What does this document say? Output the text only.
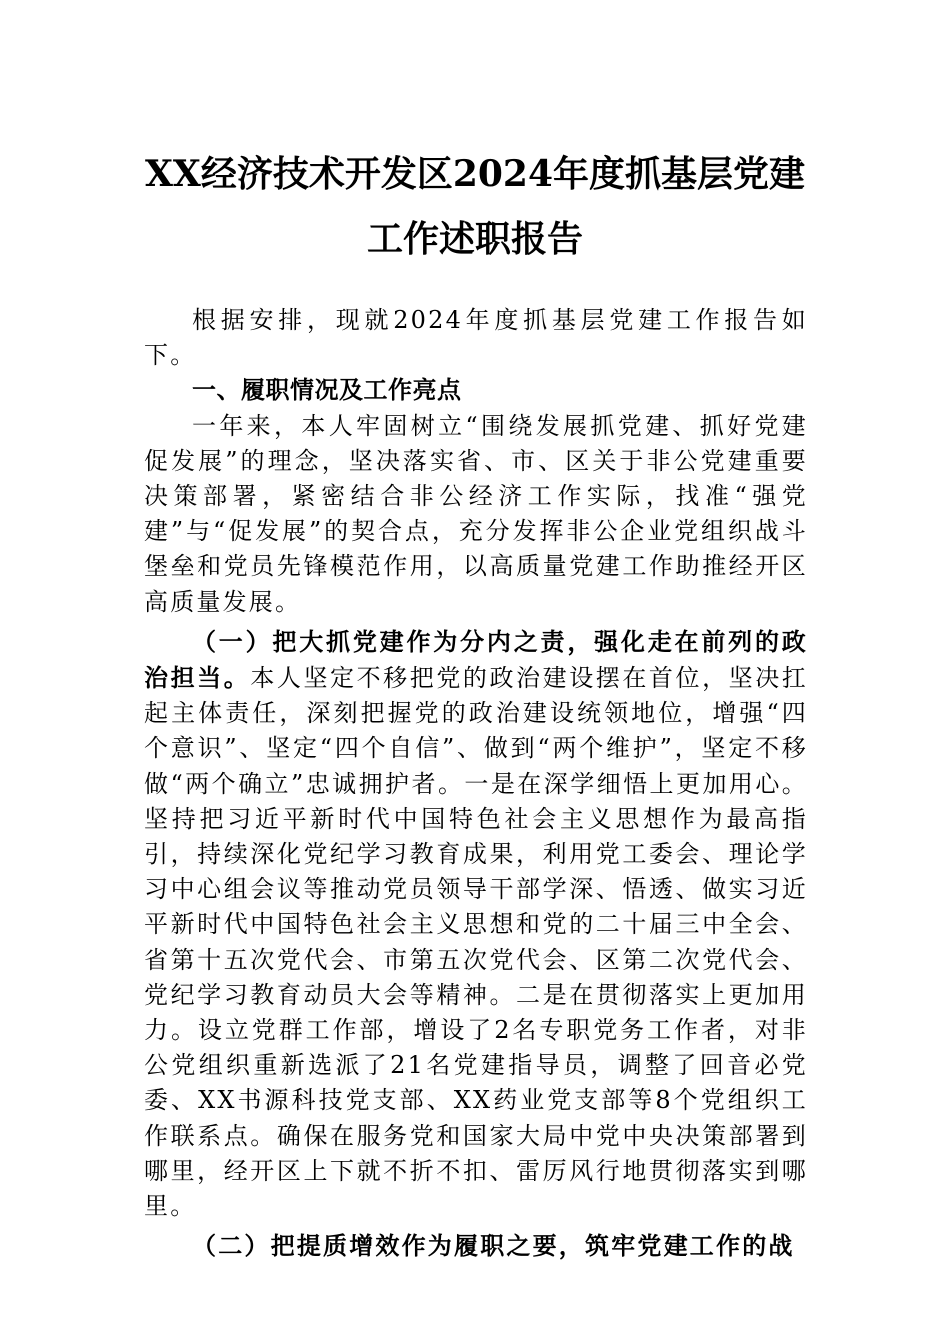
XX经济技术开发区2024年度抓基层党建
工作述职报告

根据安排，现就2024年度抓基层党建工作报告如下。

一、履职情况及工作亮点

一年来，本人牢固树立“围绕发展抓党建、抓好党建促发展”的理念，坚决落实省、市、区关于非公党建重要决策部署，紧密结合非公经济工作实际，找准“强党建”与“促发展”的契合点，充分发挥非公企业党组织战斗堡垒和党员先锋模范作用，以高质量党建工作助推经开区高质量发展。

（一）把大抓党建作为分内之责，强化走在前列的政治担当。本人坚定不移把党的政治建设摆在首位，坚决扛起主体责任，深刻把握党的政治建设统领地位，增强“四个意识”、坚定“四个自信”、做到“两个维护”，坚定不移做“两个确立”忠诚拥护者。一是在深学细悟上更加用心。坚持把习近平新时代中国特色社会主义思想作为最高指引，持续深化党纪学习教育成果，利用党工委会、理论学习中心组会议等推动党员领导干部学深、悟透、做实习近平新时代中国特色社会主义思想和党的二十届三中全会、省第十五次党代会、市第五次党代会、区第二次党代会、党纪学习教育动员大会等精神。二是在贯彻落实上更加用力。设立党群工作部，增设了2名专职党务工作者，对非公党组织重新选派了21名党建指导员，调整了回音必党委、XX书源科技党支部、XX药业党支部等8个党组织工作联系点。确保在服务党和国家大局中党中央决策部署到哪里，经开区上下就不折不扣、雷厉风行地贯彻落实到哪里。

（二）把提质增效作为履职之要，筑牢党建工作的战
